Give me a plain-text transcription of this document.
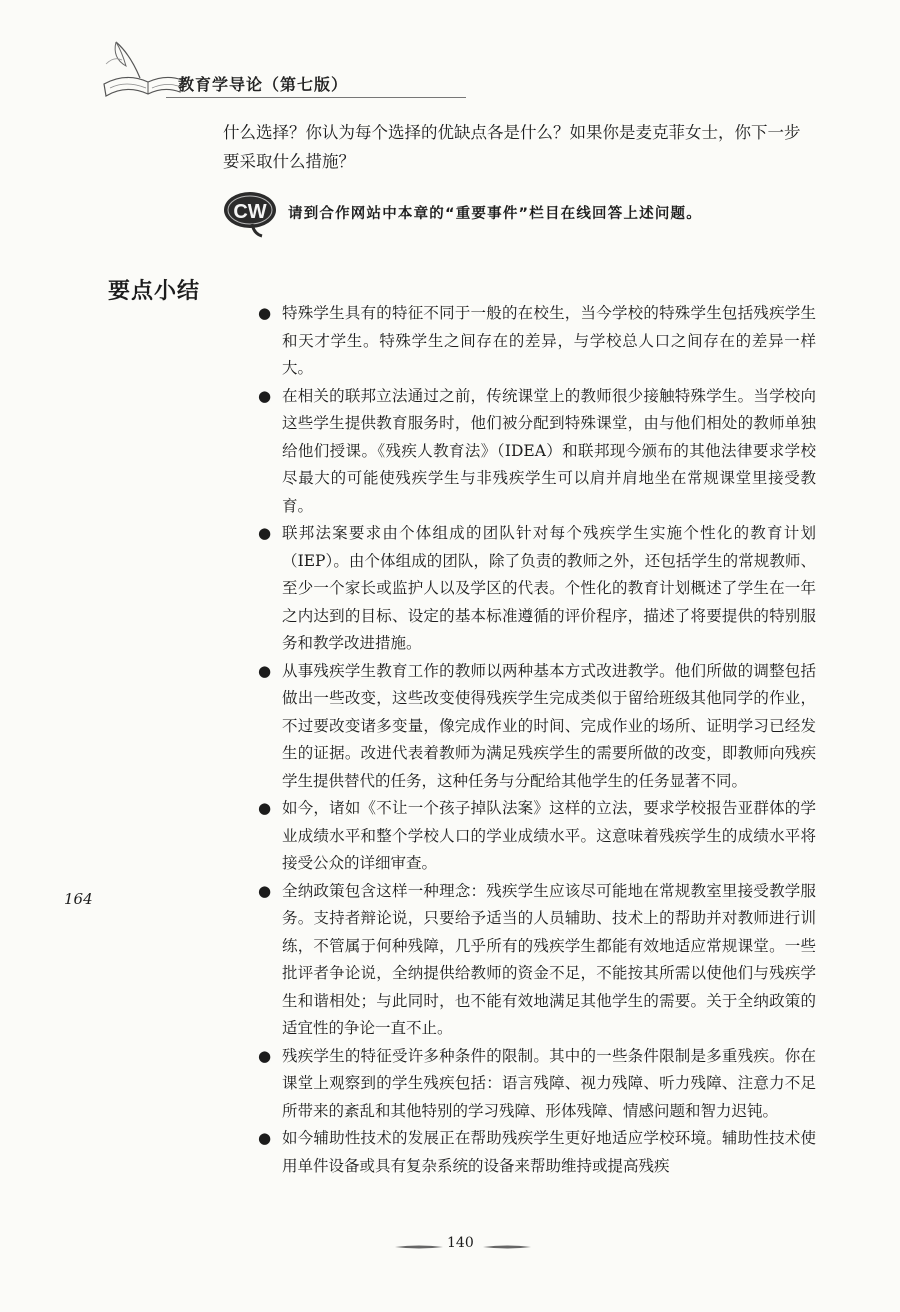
教育学导论（第七版）

什么选择？你认为每个选择的优缺点各是什么？如果你是麦克菲女士，你下一步要采取什么措施？

CW 请到合作网站中本章的“重要事件”栏目在线回答上述问题。
要点小结
● 特殊学生具有的特征不同于一般的在校生，当今学校的特殊学生包括残疾学生和天才学生。特殊学生之间存在的差异，与学校总人口之间存在的差异一样大。
● 在相关的联邦立法通过之前，传统课堂上的教师很少接触特殊学生。当学校向这些学生提供教育服务时，他们被分配到特殊课堂，由与他们相处的教师单独给他们授课。《残疾人教育法》（IDEA）和联邦现今颁布的其他法律要求学校尽最大的可能使残疾学生与非残疾学生可以肩并肩地坐在常规课堂里接受教育。
● 联邦法案要求由个体组成的团队针对每个残疾学生实施个性化的教育计划（IEP）。由个体组成的团队，除了负责的教师之外，还包括学生的常规教师、至少一个家长或监护人以及学区的代表。个性化的教育计划概述了学生在一年之内达到的目标、设定的基本标准遵循的评价程序，描述了将要提供的特别服务和教学改进措施。
● 从事残疾学生教育工作的教师以两种基本方式改进教学。他们所做的调整包括做出一些改变，这些改变使得残疾学生完成类似于留给班级其他同学的作业，不过要改变诸多变量，像完成作业的时间、完成作业的场所、证明学习已经发生的证据。改进代表着教师为满足残疾学生的需要所做的改变，即教师向残疾学生提供替代的任务，这种任务与分配给其他学生的任务显著不同。
● 如今，诸如《不让一个孩子掉队法案》这样的立法，要求学校报告亚群体的学业成绩水平和整个学校人口的学业成绩水平。这意味着残疾学生的成绩水平将接受公众的详细审查。
● 全纳政策包含这样一种理念：残疾学生应该尽可能地在常规教室里接受教学服务。支持者辩论说，只要给予适当的人员辅助、技术上的帮助并对教师进行训练，不管属于何种残障，几乎所有的残疾学生都能有效地适应常规课堂。一些批评者争论说，全纳提供给教师的资金不足，不能按其所需以使他们与残疾学生和谐相处；与此同时，也不能有效地满足其他学生的需要。关于全纳政策的适宜性的争论一直不止。
● 残疾学生的特征受许多种条件的限制。其中的一些条件限制是多重残疾。你在课堂上观察到的学生残疾包括：语言残障、视力残障、听力残障、注意力不足所带来的紊乱和其他特别的学习残障、形体残障、情感问题和智力迟钝。
● 如今辅助性技术的发展正在帮助残疾学生更好地适应学校环境。辅助性技术使用单件设备或具有复杂系统的设备来帮助维持或提高残疾
164
140
